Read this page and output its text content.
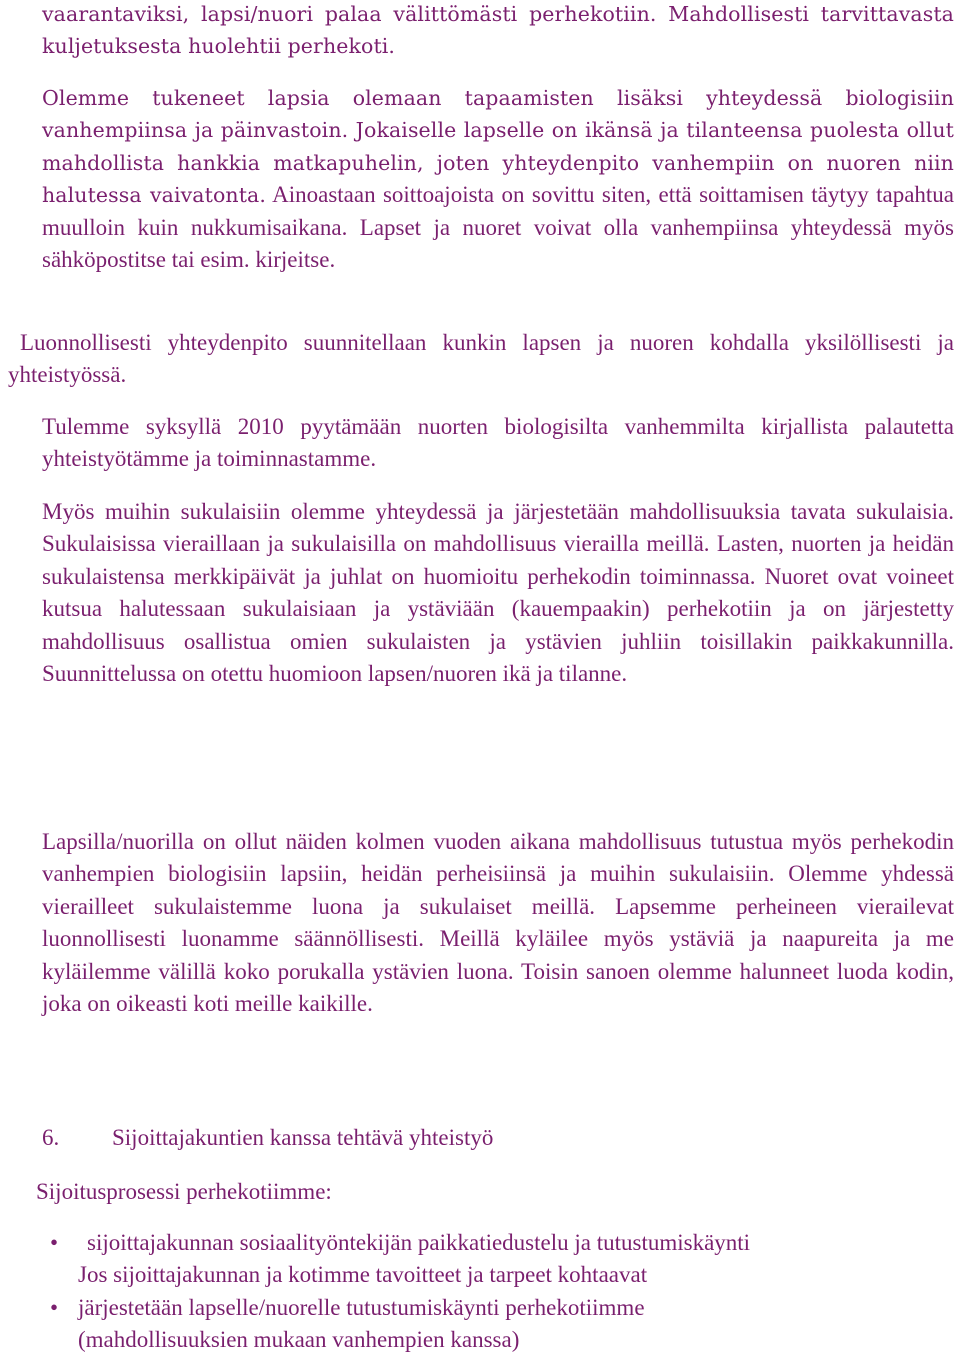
vaarantaviksi, lapsi/nuori palaa välittömästi perhekotiin. Mahdollisesti tarvittavasta kuljetuksesta huolehtii perhekoti.

Olemme tukeneet lapsia olemaan tapaamisten lisäksi yhteydessä biologisiin vanhempiinsa ja päinvastoin. Jokaiselle lapselle on ikänsä ja tilanteensa puolesta ollut mahdollista hankkia matkapuhelin, joten yhteydenpito vanhempiin on nuoren niin halutessa vaivatonta. Ainoastaan soittoajoista on sovittu siten, että soittamisen täytyy tapahtua muulloin kuin nukkumisaikana. Lapset ja nuoret voivat olla vanhempiinsa yhteydessä myös sähköpostitse tai esim. kirjeitse.

Luonnollisesti yhteydenpito suunnitellaan kunkin lapsen ja nuoren kohdalla yksilöllisesti ja yhteistyössä.

Tulemme syksyllä 2010 pyytämään nuorten biologisilta vanhemmilta kirjallista palautetta yhteistyötämme ja toiminnastamme.

Myös muihin sukulaisiin olemme yhteydessä ja järjestetään mahdollisuuksia tavata sukulaisia. Sukulaisissa vieraillaan ja sukulaisilla on mahdollisuus vierailla meillä. Lasten, nuorten ja heidän sukulaistensa merkkipäivät ja juhlat on huomioitu perhekodin toiminnassa. Nuoret ovat voineet kutsua halutessaan sukulaisiaan ja ystäviään (kauempaakin) perhekotiin ja on järjestetty mahdollisuus osallistua omien sukulaisten ja ystävien juhliin toisillakin paikkakunnilla. Suunnittelussa on otettu huomioon lapsen/nuoren ikä ja tilanne.

Lapsilla/nuorilla on ollut näiden kolmen vuoden aikana mahdollisuus tutustua myös perhekodin vanhempien biologisiin lapsiin, heidän perheisiinsä ja muihin sukulaisiin. Olemme yhdessä vierailleet sukulaistemme luona ja sukulaiset meillä. Lapsemme perheineen vierailevat luonnollisesti luonamme säännöllisesti. Meillä kyläilee myös ystäviä ja naapureita ja me kyläilemme välillä koko porukalla ystävien luona. Toisin sanoen olemme halunneet luoda kodin, joka on oikeasti koti meille kaikille.

6. Sijoittajakuntien kanssa tehtävä yhteistyö
Sijoitusprosessi perhekotiimme:
•	sijoittajakunnan sosiaalityöntekijän paikkatiedustelu ja tutustumiskäynti
Jos sijoittajakunnan ja kotimme tavoitteet ja tarpeet kohtaavat
• järjestetään lapselle/nuorelle tutustumiskäynti perhekotiimme
(mahdollisuuksien mukaan vanhempien kanssa)
